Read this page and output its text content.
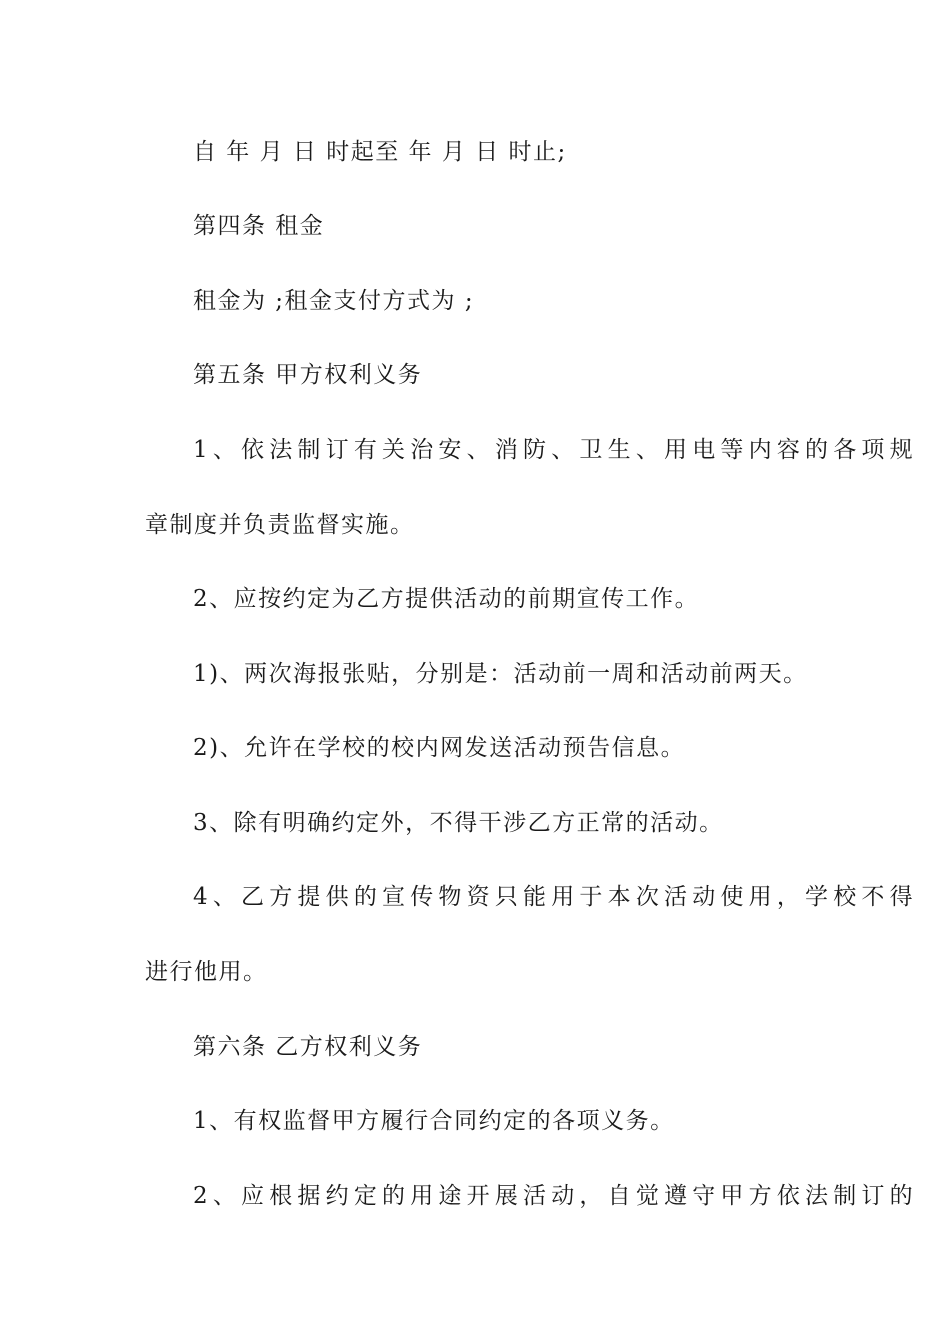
自 年 月 日 时起至 年 月 日 时止;
第四条 租金
租金为 ;租金支付方式为 ;
第五条 甲方权利义务
1、依法制订有关治安、消防、卫生、用电等内容的各项规
章制度并负责监督实施。
2、应按约定为乙方提供活动的前期宣传工作。
1)、两次海报张贴，分别是：活动前一周和活动前两天。
2)、允许在学校的校内网发送活动预告信息。
3、除有明确约定外，不得干涉乙方正常的活动。
4、乙方提供的宣传物资只能用于本次活动使用，学校不得
进行他用。
第六条 乙方权利义务
1、有权监督甲方履行合同约定的各项义务。
2、应根据约定的用途开展活动，自觉遵守甲方依法制订的
